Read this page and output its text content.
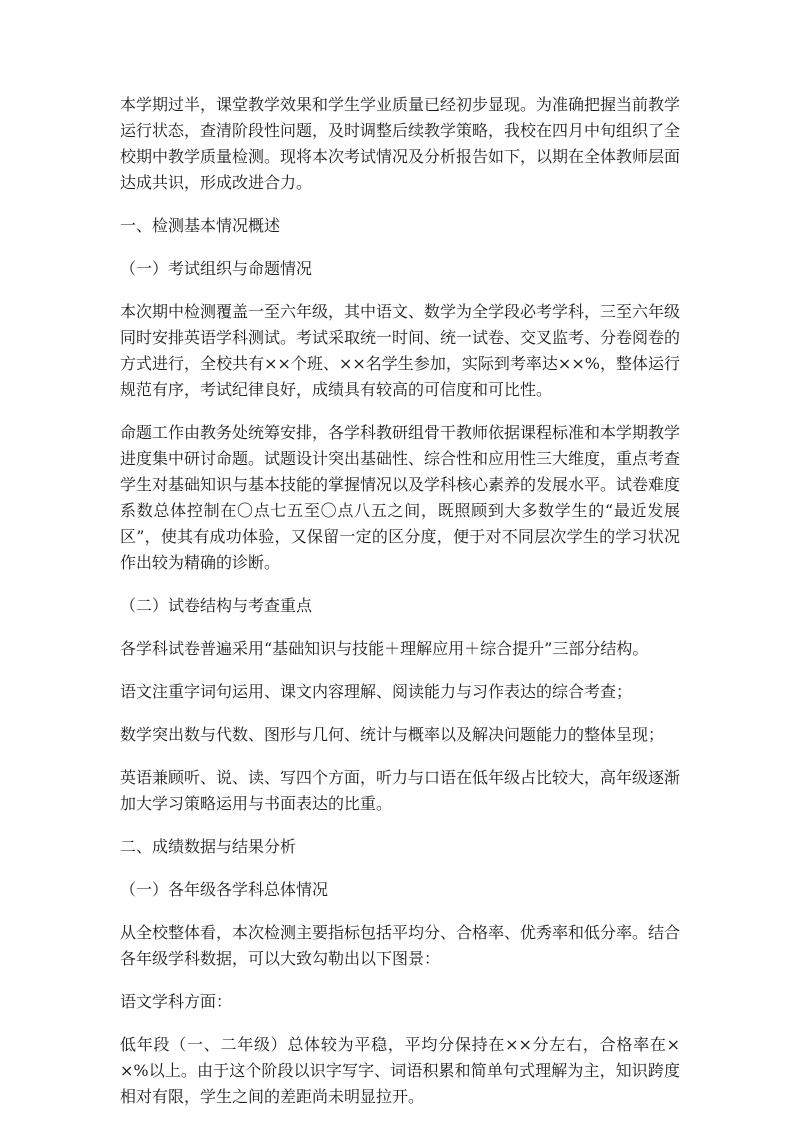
本学期过半，课堂教学效果和学生学业质量已经初步显现。为准确把握当前教学运行状态，查清阶段性问题，及时调整后续教学策略，我校在四月中旬组织了全校期中教学质量检测。现将本次考试情况及分析报告如下，以期在全体教师层面达成共识，形成改进合力。

一、检测基本情况概述

（一）考试组织与命题情况

本次期中检测覆盖一至六年级，其中语文、数学为全学段必考学科，三至六年级同时安排英语学科测试。考试采取统一时间、统一试卷、交叉监考、分卷阅卷的方式进行，全校共有××个班、××名学生参加，实际到考率达××%，整体运行规范有序，考试纪律良好，成绩具有较高的可信度和可比性。

命题工作由教务处统筹安排，各学科教研组骨干教师依据课程标准和本学期教学进度集中研讨命题。试题设计突出基础性、综合性和应用性三大维度，重点考查学生对基础知识与基本技能的掌握情况以及学科核心素养的发展水平。试卷难度系数总体控制在〇点七五至〇点八五之间，既照顾到大多数学生的“最近发展区”，使其有成功体验，又保留一定的区分度，便于对不同层次学生的学习状况作出较为精确的诊断。

（二）试卷结构与考查重点

各学科试卷普遍采用“基础知识与技能＋理解应用＋综合提升”三部分结构。

语文注重字词句运用、课文内容理解、阅读能力与习作表达的综合考查；

数学突出数与代数、图形与几何、统计与概率以及解决问题能力的整体呈现；

英语兼顾听、说、读、写四个方面，听力与口语在低年级占比较大，高年级逐渐加大学习策略运用与书面表达的比重。

二、成绩数据与结果分析

（一）各年级各学科总体情况

从全校整体看，本次检测主要指标包括平均分、合格率、优秀率和低分率。结合各年级学科数据，可以大致勾勒出以下图景：

语文学科方面：

低年段（一、二年级）总体较为平稳，平均分保持在××分左右，合格率在××%以上。由于这个阶段以识字写字、词语积累和简单句式理解为主，知识跨度相对有限，学生之间的差距尚未明显拉开。
